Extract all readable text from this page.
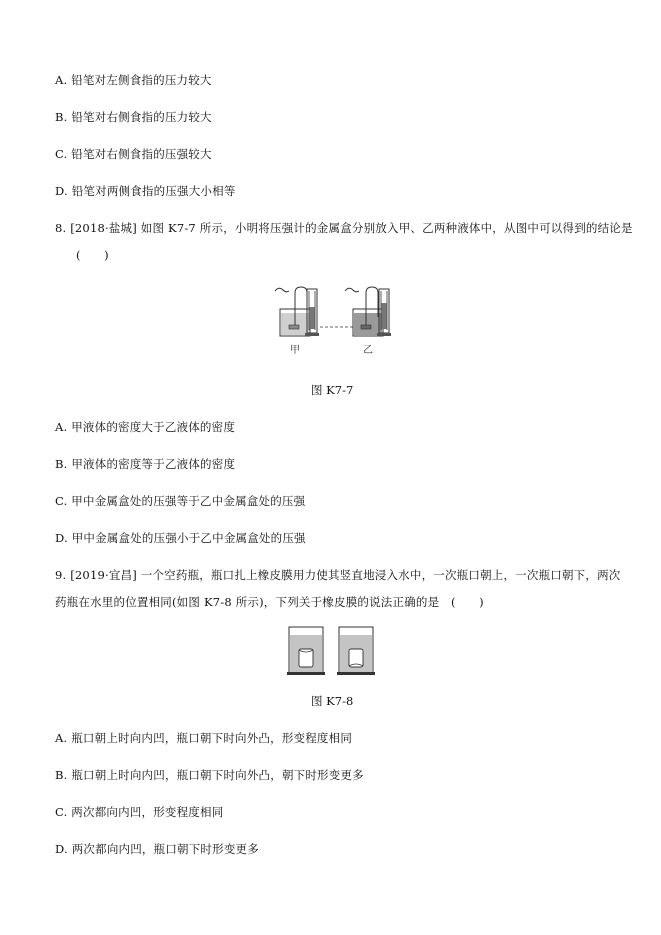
A. 铅笔对左侧食指的压力较大
B. 铅笔对右侧食指的压力较大
C. 铅笔对右侧食指的压强较大
D. 铅笔对两侧食指的压强大小相等
8. [2018·盐城] 如图 K7-7 所示，小明将压强计的金属盒分别放入甲、乙两种液体中，从图中可以得到的结论是
(　　)
甲	乙
图 K7-7
A. 甲液体的密度大于乙液体的密度
B. 甲液体的密度等于乙液体的密度
C. 甲中金属盒处的压强等于乙中金属盒处的压强
D. 甲中金属盒处的压强小于乙中金属盒处的压强
9. [2019·宜昌] 一个空药瓶，瓶口扎上橡皮膜用力使其竖直地浸入水中，一次瓶口朝上，一次瓶口朝下，两次
药瓶在水里的位置相同(如图 K7-8 所示)，下列关于橡皮膜的说法正确的是　(　　)
图 K7-8
A. 瓶口朝上时向内凹，瓶口朝下时向外凸，形变程度相同
B. 瓶口朝上时向内凹，瓶口朝下时向外凸，朝下时形变更多
C. 两次都向内凹，形变程度相同
D. 两次都向内凹，瓶口朝下时形变更多
